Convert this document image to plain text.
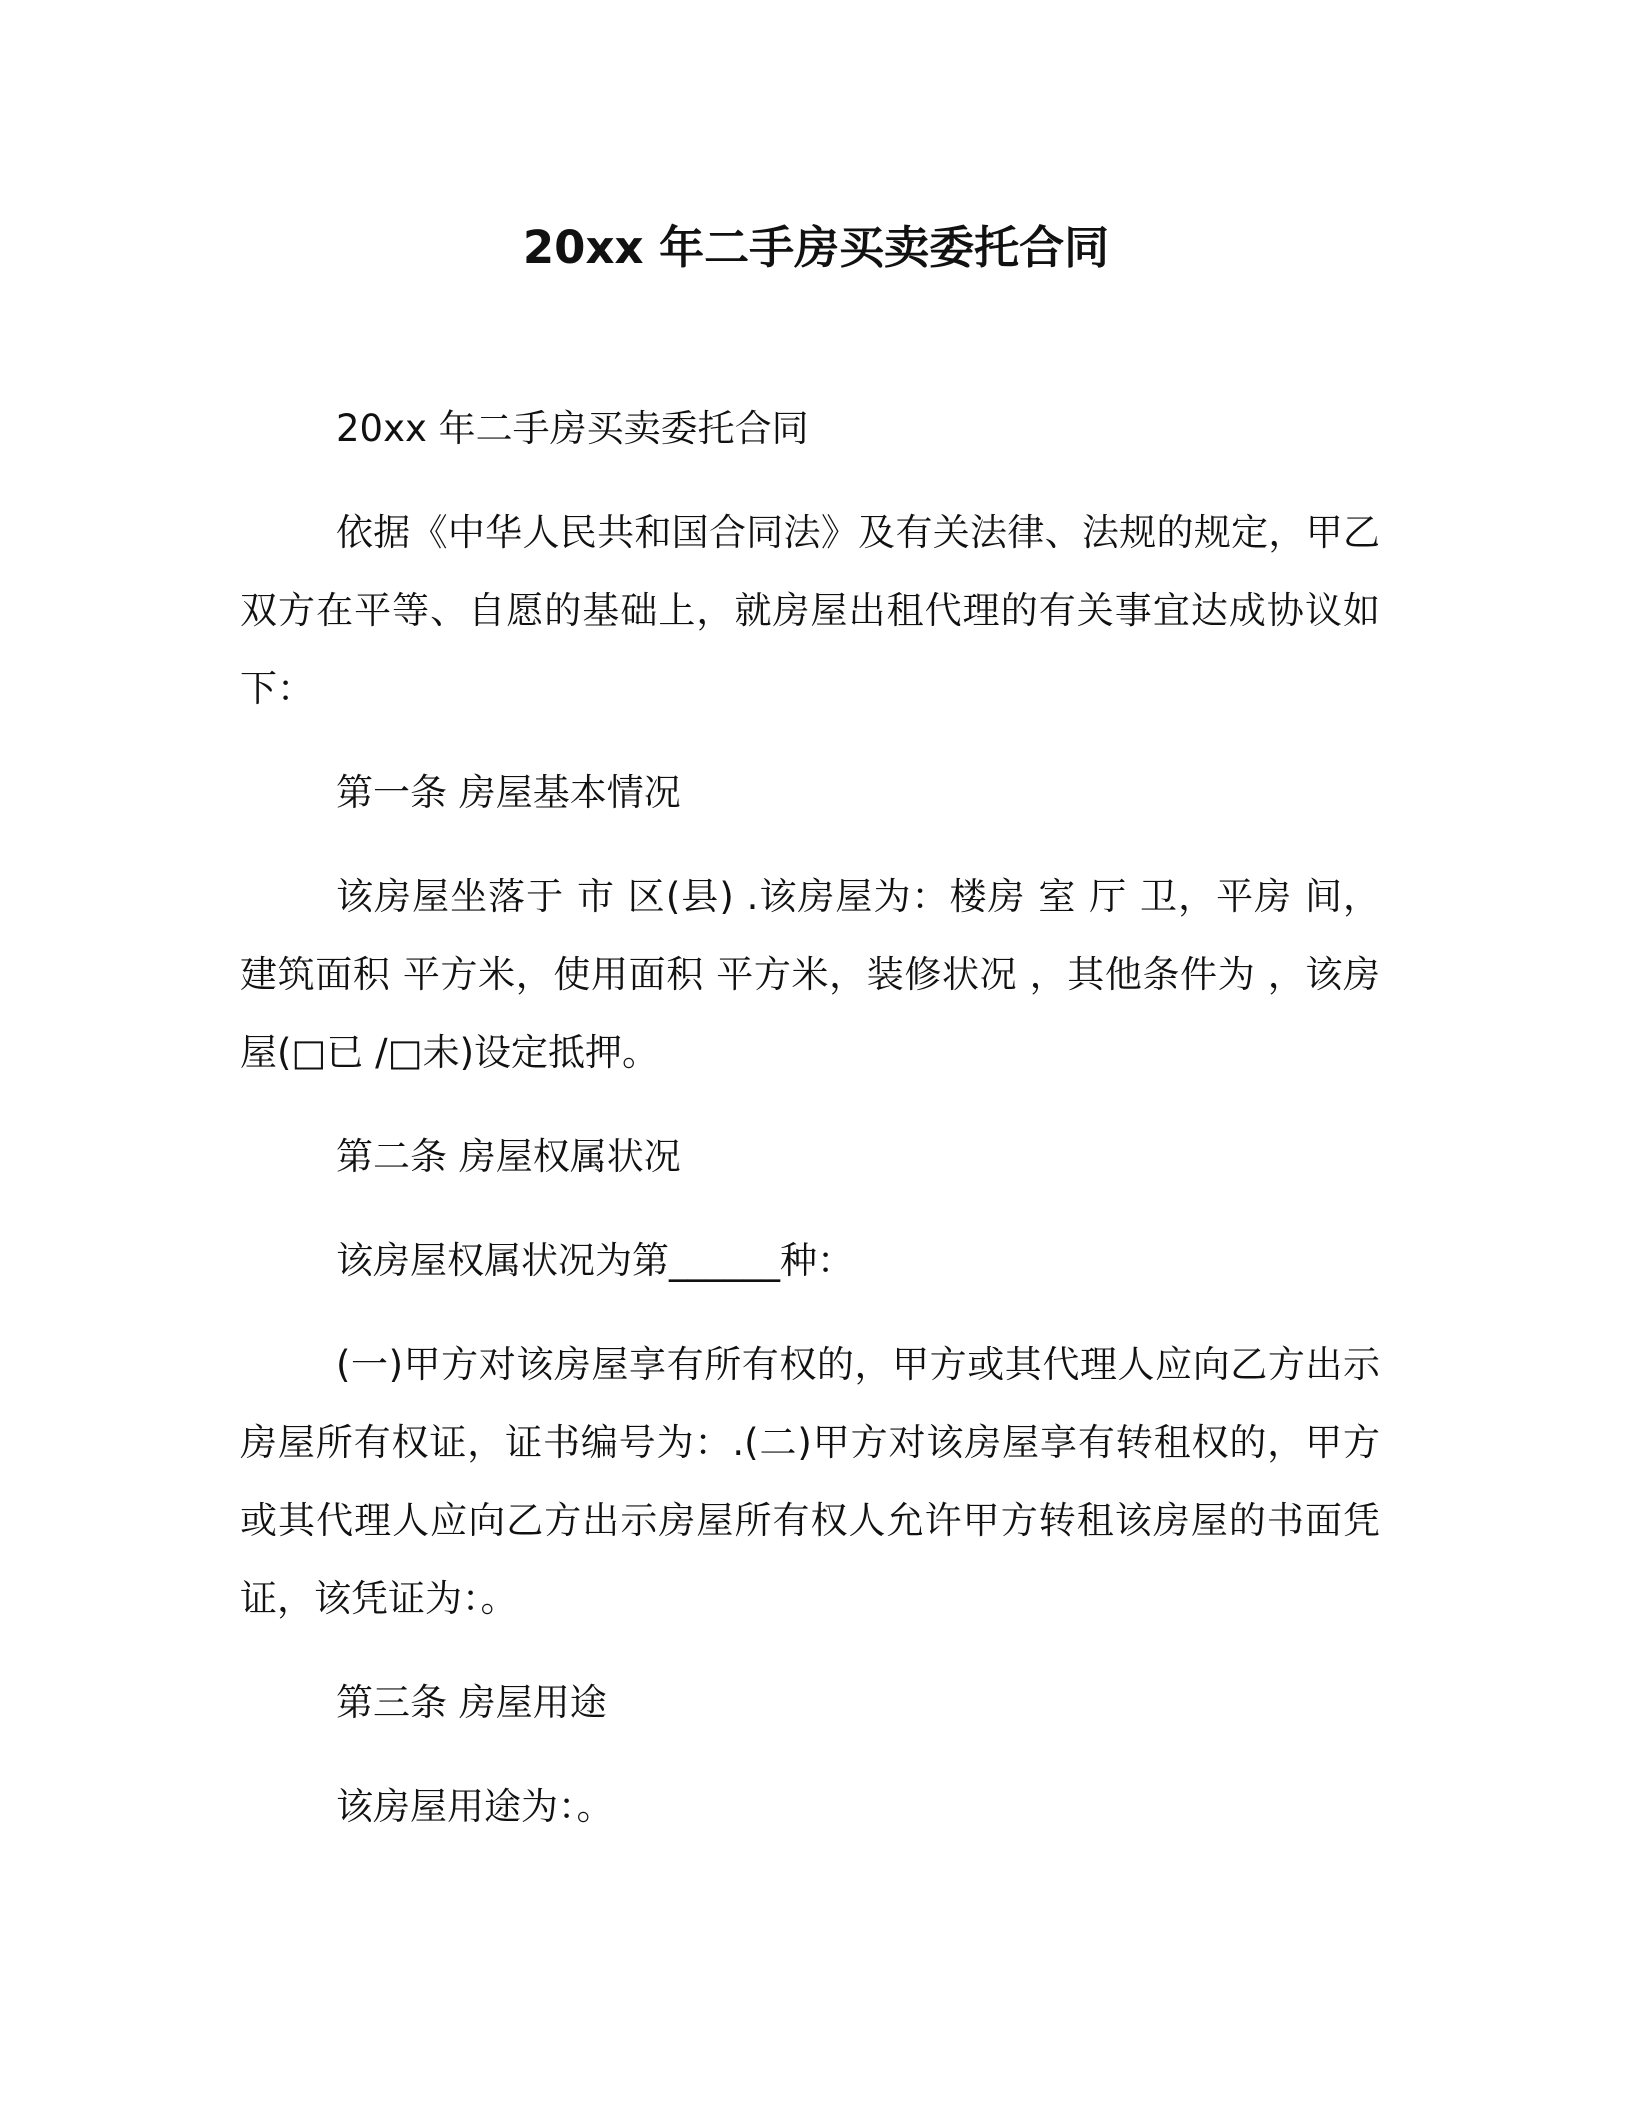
20xx 年二手房买卖委托合同

20xx 年二手房买卖委托合同

依据《中华人民共和国合同法》及有关法律、法规的规定，甲乙双方在平等、自愿的基础上，就房屋出租代理的有关事宜达成协议如下：

第一条 房屋基本情况

该房屋坐落于 市 区(县) .该房屋为：楼房 室 厅 卫，平房 间，建筑面积 平方米，使用面积 平方米，装修状况 ，其他条件为 ，该房屋(□已 /□未)设定抵押。

第二条 房屋权属状况

该房屋权属状况为第______种：

(一)甲方对该房屋享有所有权的，甲方或其代理人应向乙方出示房屋所有权证，证书编号为：.(二)甲方对该房屋享有转租权的，甲方或其代理人应向乙方出示房屋所有权人允许甲方转租该房屋的书面凭证，该凭证为：。

第三条 房屋用途

该房屋用途为：。
